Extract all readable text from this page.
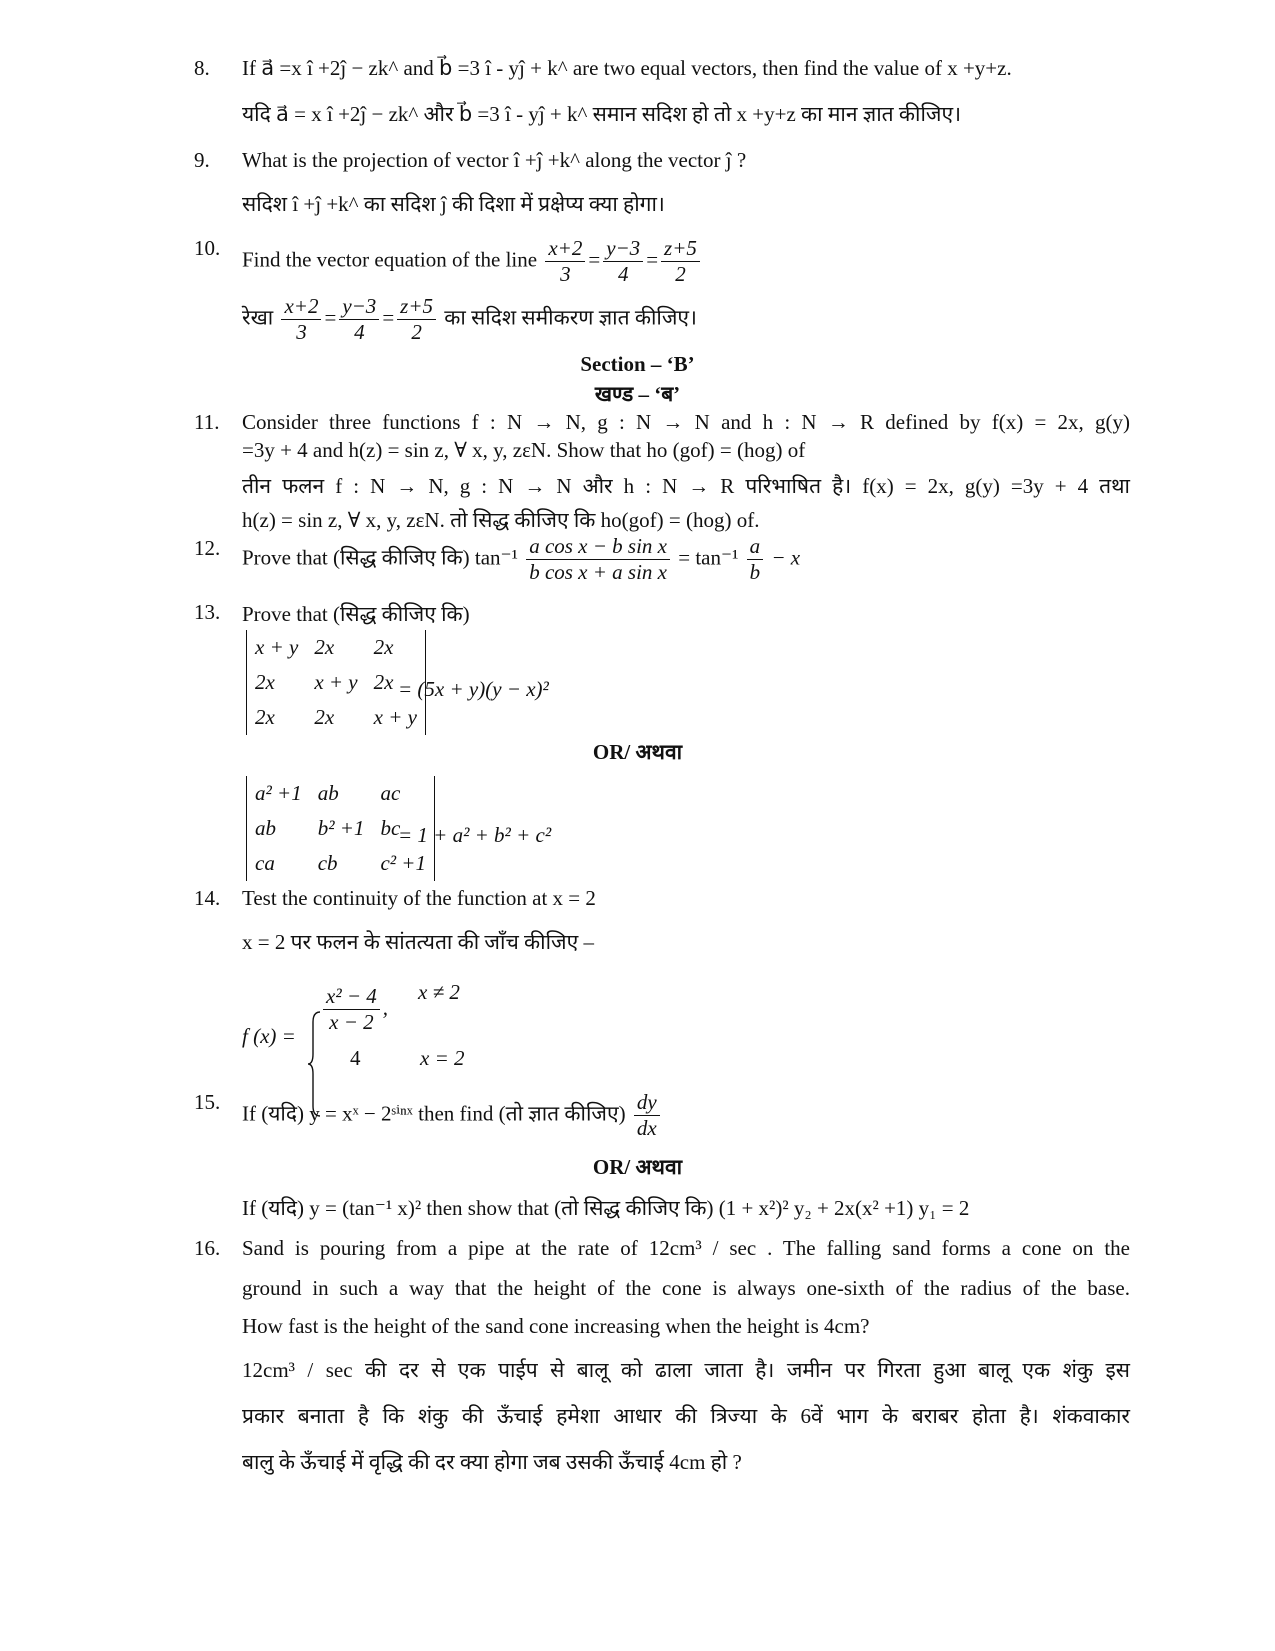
8. If a⃗ =x î +2ĵ − zk^ and b⃗ =3 î - yĵ + k^ are two equal vectors, then find the value of x +y+z.
यदि a⃗ = x î +2ĵ − zk^ और b⃗ =3 î - yĵ + k^ समान सदिश हो तो x +y+z का मान ज्ञात कीजिए।
9. What is the projection of vector î +ĵ +k^ along the vector ĵ ?
सदिश î +ĵ +k^ का सदिश ĵ की दिशा में प्रक्षेप्य क्या होगा।
10. Find the vector equation of the line $\frac{x+2}{3} = \frac{y-3}{4} = \frac{z+5}{2}$
रेखा $\frac{x+2}{3} = \frac{y-3}{4} = \frac{z+5}{2}$ का सदिश समीकरण ज्ञात कीजिए।
Section – ‘B’
खण्ड – ‘ब’
11. Consider three functions f : N → N, g : N → N and h : N → R defined by f(x) = 2x, g(y)
=3y + 4 and h(z) = sin z, ∀ x, y, zεN. Show that ho (gof) = (hog) of
तीन फलन f : N → N, g : N → N और h : N → R परिभाषित है। f(x) = 2x, g(y) =3y + 4 तथा
h(z) = sin z, ∀ x, y, zεN. तो सिद्ध कीजिए कि ho(gof) = (hog) of.
12. Prove that (सिद्ध कीजिए कि) $\tan^{-1} \frac{\text{a cos x − b sin x}}{\text{b cos x + a sin x}} = \tan^{-1} \frac{a}{b} - x$
13. Prove that (सिद्ध कीजिए कि)
x + y	2x	2x
2x	x + y	2x
2x	2x	x + y
= (5x + y)(y − x)²
OR/ अथवा
a² +1	ab	ac
ab	b² +1	bc
ca	cb	c² +1
= 1 + a² + b² + c²
14. Test the continuity of the function at x = 2
x = 2 पर फलन के सांतत्यता की जाँच कीजिए –
f (x) =
$\frac{\text{x² − 4}}{x - 2}$ ,
x ≠ 2
4	x = 2
15. If (यदि) y = xˣ − 2ˢⁱⁿˣ then find (तो ज्ञात कीजिए) $\frac{dy}{dx}$
OR/ अथवा
If (यदि) y = (tan⁻¹ x)² then show that (तो सिद्ध कीजिए कि) (1 + x²)² y₂ + 2x(x² +1) y₁ = 2
16. Sand is pouring from a pipe at the rate of 12cm³ / sec . The falling sand forms a cone on the
ground in such a way that the height of the cone is always one-sixth of the radius of the base.
How fast is the height of the sand cone increasing when the height is 4cm?
12cm³ / sec की दर से एक पाईप से बालू को ढाला जाता है। जमीन पर गिरता हुआ बालू एक शंकु इस
प्रकार बनाता है कि शंकु की ऊँचाई हमेशा आधार की त्रिज्या के 6वें भाग के बराबर होता है। शंकवाकार
बालु के ऊँचाई में वृद्धि की दर क्या होगा जब उसकी ऊँचाई 4cm हो ?
